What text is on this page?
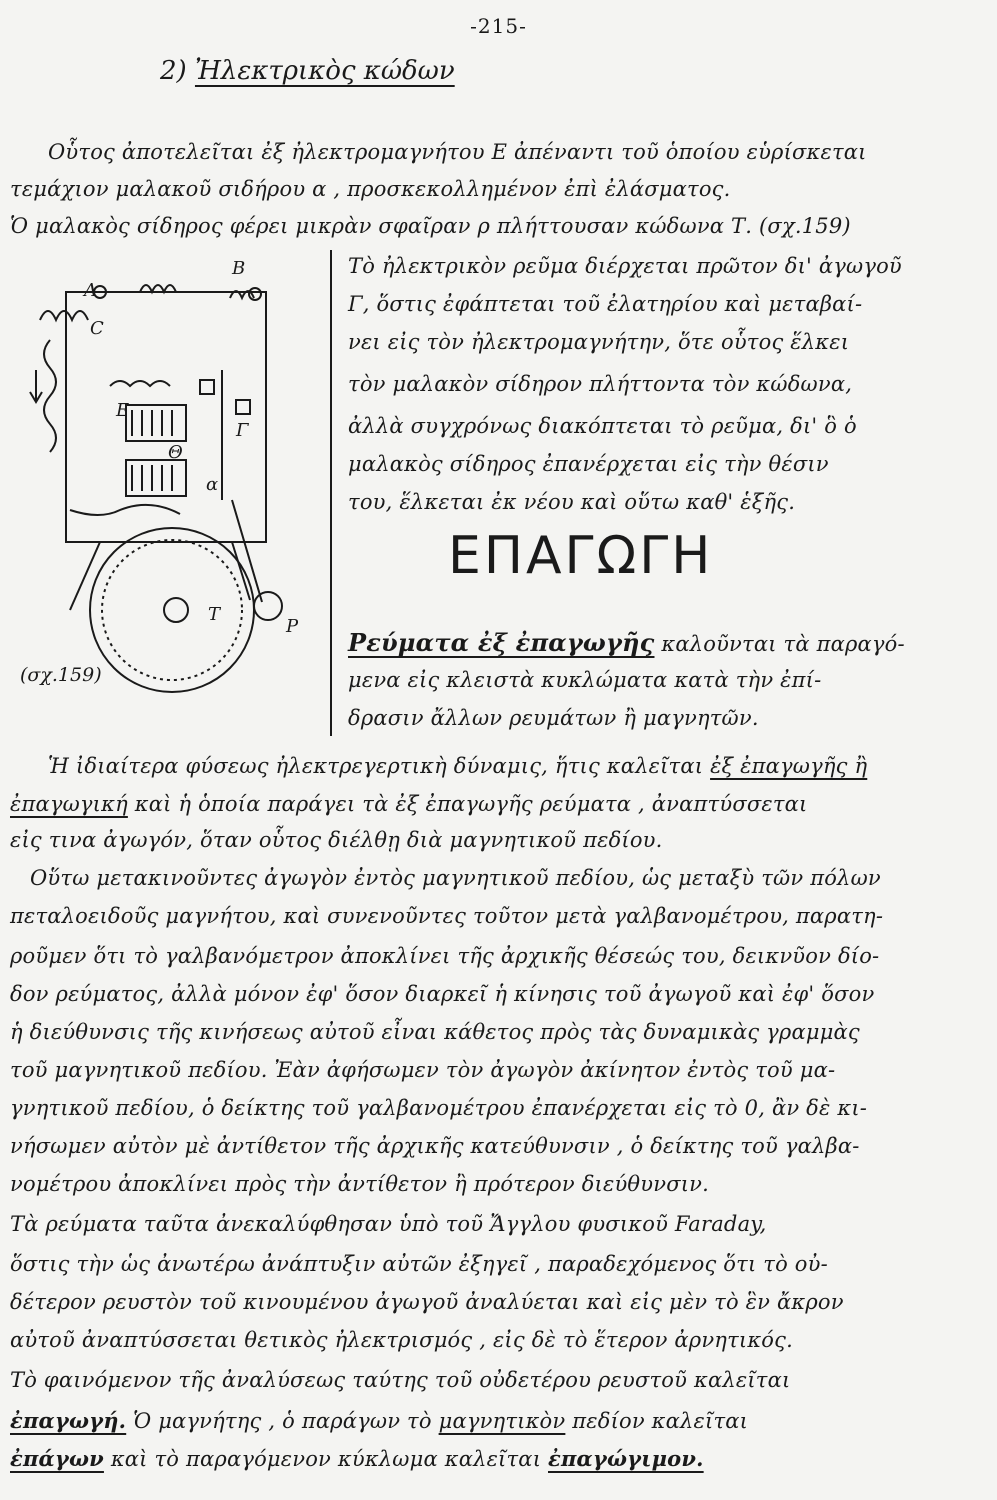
-215-
2) Ἠλεκτρικὸς κώδων
Οὗτος ἀποτελεῖται ἐξ ἠλεκτρομαγνήτου Ε ἀπέναντι τοῦ ὁποίου εὑρίσκεται
τεμάχιον μαλακοῦ σιδήρου α , προσκεκολλημένον ἐπὶ ἐλάσματος.
Ὁ μαλακὸς σίδηρος φέρει μικρὰν σφαῖραν ρ πλήττουσαν κώδωνα Τ. (σχ.159)
A
B
C
E
Θ
Γ
α
T
P
(σχ.159)
Τὸ ἠλεκτρικὸν ρεῦμα διέρχεται πρῶτον δι' ἀγωγοῦ
Γ, ὅστις ἐφάπτεται τοῦ ἐλατηρίου καὶ μεταβαί-
νει εἰς τὸν ἠλεκτρομαγνήτην, ὅτε οὗτος ἕλκει
τὸν μαλακὸν σίδηρον πλήττοντα τὸν κώδωνα,
ἀλλὰ συγχρόνως διακόπτεται τὸ ρεῦμα, δι' ὃ ὁ
μαλακὸς σίδηρος ἐπανέρχεται εἰς τὴν θέσιν
του, ἕλκεται ἐκ νέου καὶ οὕτω καθ' ἑξῆς.
ΕΠΑΓΩΓΗ
Ρεύματα ἐξ ἐπαγωγῆς καλοῦνται τὰ παραγό-
μενα εἰς κλειστὰ κυκλώματα κατὰ τὴν ἐπί-
δρασιν ἄλλων ρευμάτων ἢ μαγνητῶν.
Ἡ ἰδιαίτερα φύσεως ἠλεκτρεγερτικὴ δύναμις, ἥτις καλεῖται ἐξ ἐπαγωγῆς ἢ
ἐπαγωγική καὶ ἡ ὁποία παράγει τὰ ἐξ ἐπαγωγῆς ρεύματα , ἀναπτύσσεται
εἰς τινα ἀγωγόν, ὅταν οὗτος διέλθῃ διὰ μαγνητικοῦ πεδίου.
Οὕτω μετακινοῦντες ἀγωγὸν ἐντὸς μαγνητικοῦ πεδίου, ὡς μεταξὺ τῶν πόλων
πεταλοειδοῦς μαγνήτου, καὶ συνενοῦντες τοῦτον μετὰ γαλβανομέτρου, παρατη-
ροῦμεν ὅτι τὸ γαλβανόμετρον ἀποκλίνει τῆς ἀρχικῆς θέσεώς του, δεικνῦον δίο-
δον ρεύματος, ἀλλὰ μόνον ἐφ' ὅσον διαρκεῖ ἡ κίνησις τοῦ ἀγωγοῦ καὶ ἐφ' ὅσον
ἡ διεύθυνσις τῆς κινήσεως αὐτοῦ εἶναι κάθετος πρὸς τὰς δυναμικὰς γραμμὰς
τοῦ μαγνητικοῦ πεδίου. Ἐὰν ἀφήσωμεν τὸν ἀγωγὸν ἀκίνητον ἐντὸς τοῦ μα-
γνητικοῦ πεδίου, ὁ δείκτης τοῦ γαλβανομέτρου ἐπανέρχεται εἰς τὸ 0, ἂν δὲ κι-
νήσωμεν αὐτὸν μὲ ἀντίθετον τῆς ἀρχικῆς κατεύθυνσιν , ὁ δείκτης τοῦ γαλβα-
νομέτρου ἀποκλίνει πρὸς τὴν ἀντίθετον ἢ πρότερον διεύθυνσιν.
Τὰ ρεύματα ταῦτα ἀνεκαλύφθησαν ὑπὸ τοῦ Ἄγγλου φυσικοῦ Faraday,
ὅστις τὴν ὡς ἀνωτέρω ἀνάπτυξιν αὐτῶν ἐξηγεῖ , παραδεχόμενος ὅτι τὸ οὐ-
δέτερον ρευστὸν τοῦ κινουμένου ἀγωγοῦ ἀναλύεται καὶ εἰς μὲν τὸ ἓν ἄκρον
αὐτοῦ ἀναπτύσσεται θετικὸς ἠλεκτρισμός , εἰς δὲ τὸ ἕτερον ἀρνητικός.
Τὸ φαινόμενον τῆς ἀναλύσεως ταύτης τοῦ οὐδετέρου ρευστοῦ καλεῖται
ἐπαγωγή. Ὁ μαγνήτης , ὁ παράγων τὸ μαγνητικὸν πεδίον καλεῖται
ἐπάγων καὶ τὸ παραγόμενον κύκλωμα καλεῖται ἐπαγώγιμον.
